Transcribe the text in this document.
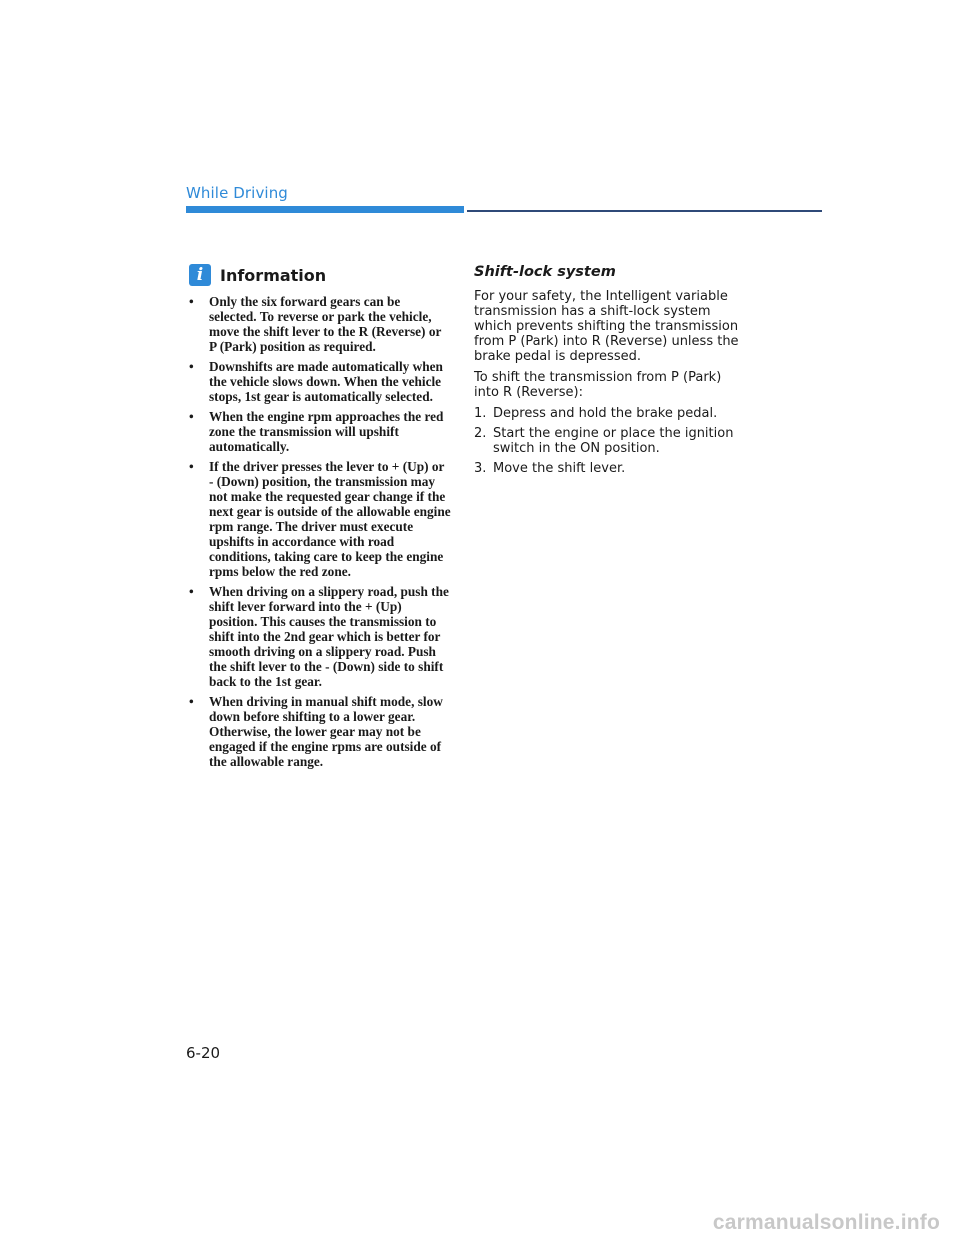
While Driving
i	Information
• Only the six forward gears can be selected. To reverse or park the vehicle, move the shift lever to the R (Reverse) or P (Park) position as required.
• Downshifts are made automatically when the vehicle slows down. When the vehicle stops, 1st gear is automatically selected.
• When the engine rpm approaches the red zone the transmission will upshift automatically.
• If the driver presses the lever to + (Up) or - (Down) position, the transmission may not make the requested gear change if the next gear is outside of the allowable engine rpm range. The driver must execute upshifts in accordance with road conditions, taking care to keep the engine rpms below the red zone.
• When driving on a slippery road, push the shift lever forward into the + (Up) position. This causes the transmission to shift into the 2nd gear which is better for smooth driving on a slippery road. Push the shift lever to the - (Down) side to shift back to the 1st gear.
• When driving in manual shift mode, slow down before shifting to a lower gear. Otherwise, the lower gear may not be engaged if the engine rpms are outside of the allowable range.
Shift-lock system

For your safety, the Intelligent variable transmission has a shift-lock system which prevents shifting the transmission from P (Park) into R (Reverse) unless the brake pedal is depressed.

To shift the transmission from P (Park) into R (Reverse):

1. Depress and hold the brake pedal.
2. Start the engine or place the ignition switch in the ON position.
3. Move the shift lever.
6-20
carmanualsonline.info
